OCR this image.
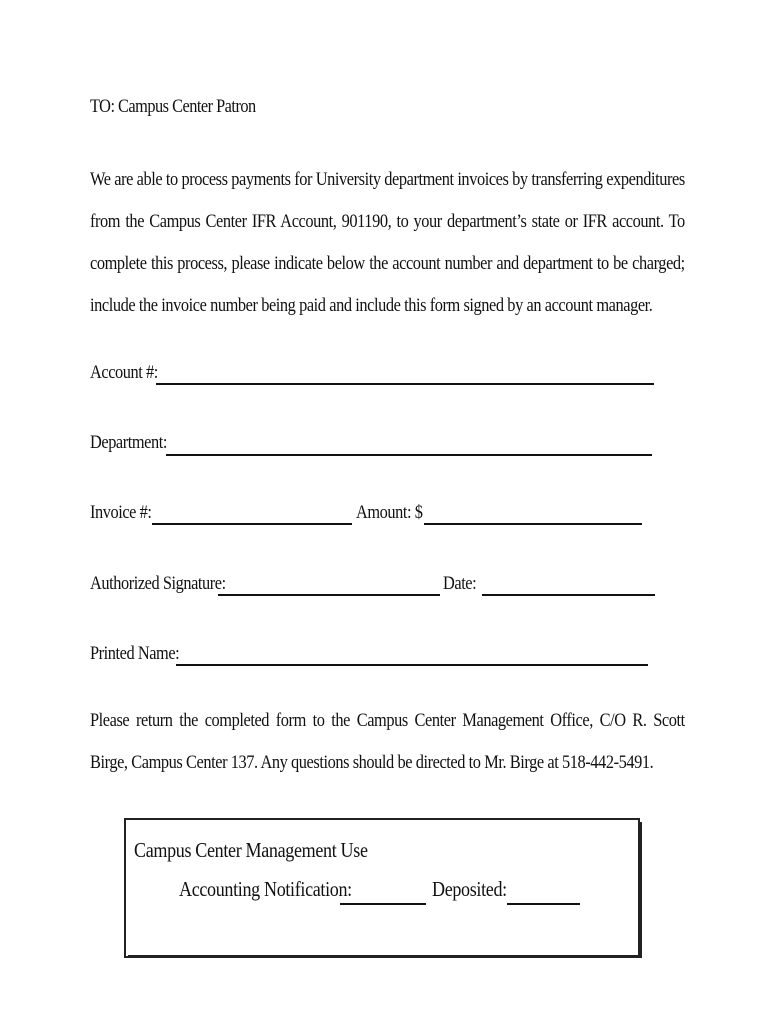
TO: Campus Center Patron
We are able to process payments for University department invoices by transferring expenditures from the Campus Center IFR Account, 901190, to your department’s state or IFR account. To complete this process, please indicate below the account number and department to be charged; include the invoice number being paid and include this form signed by an account manager.
Account #:
Department:
Invoice #:	Amount: $
Authorized Signature:	Date:
Printed Name:
Please return the completed form to the Campus Center Management Office, C/O R. Scott Birge, Campus Center 137. Any questions should be directed to Mr. Birge at 518-442-5491.
Campus Center Management Use
Accounting Notification:	Deposited:
